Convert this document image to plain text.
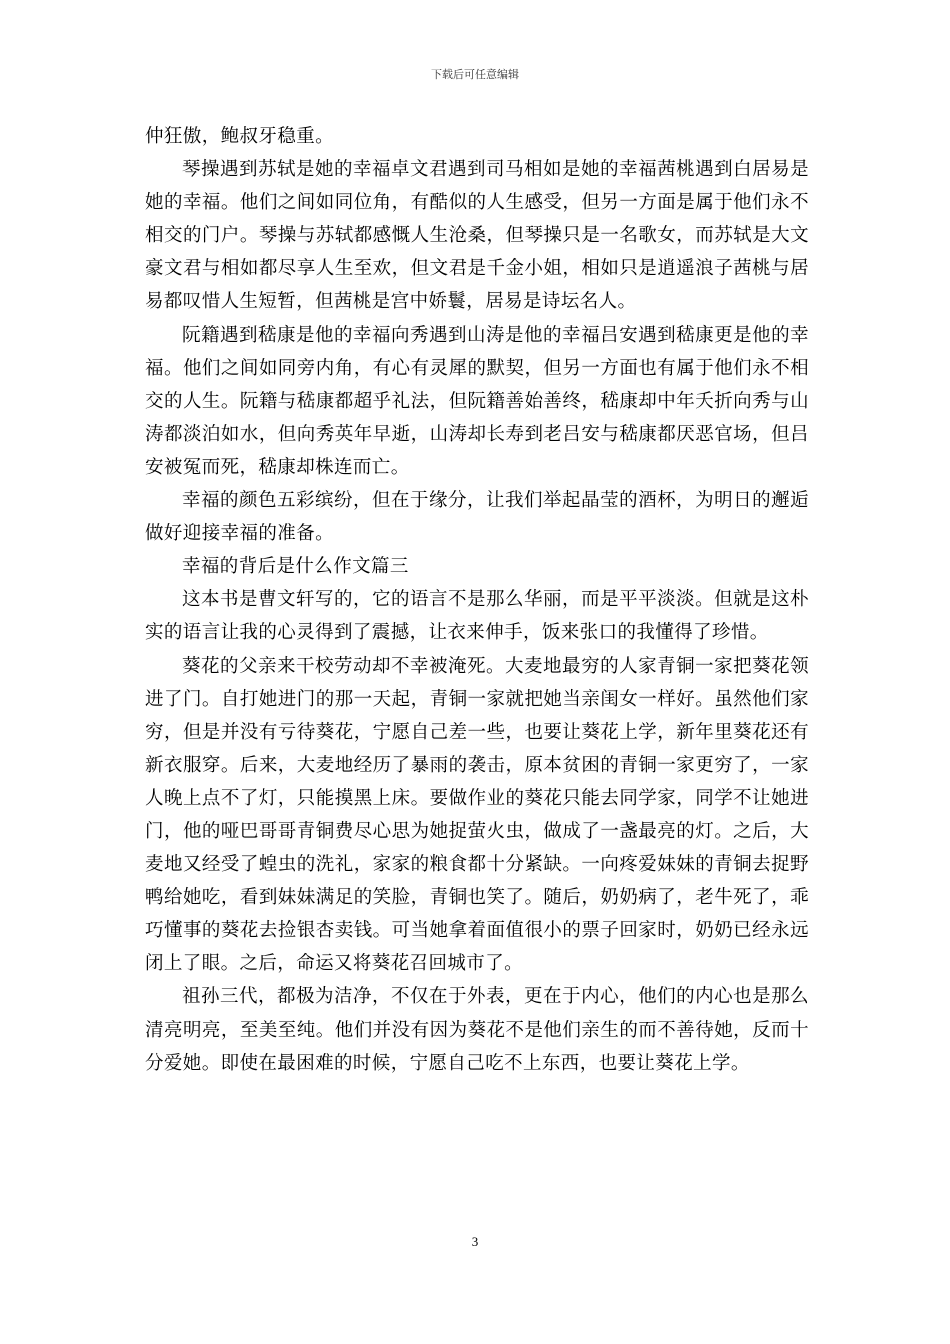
下载后可任意编辑

仲狂傲，鲍叔牙稳重。

琴操遇到苏轼是她的幸福卓文君遇到司马相如是她的幸福茜桃遇到白居易是她的幸福。他们之间如同位角，有酷似的人生感受，但另一方面是属于他们永不相交的门户。琴操与苏轼都感慨人生沧桑，但琴操只是一名歌女，而苏轼是大文豪文君与相如都尽享人生至欢，但文君是千金小姐，相如只是逍遥浪子茜桃与居易都叹惜人生短暂，但茜桃是宫中娇鬟，居易是诗坛名人。

阮籍遇到嵇康是他的幸福向秀遇到山涛是他的幸福吕安遇到嵇康更是他的幸福。他们之间如同旁内角，有心有灵犀的默契，但另一方面也有属于他们永不相交的人生。阮籍与嵇康都超乎礼法，但阮籍善始善终，嵇康却中年夭折向秀与山涛都淡泊如水，但向秀英年早逝，山涛却长寿到老吕安与嵇康都厌恶官场，但吕安被冤而死，嵇康却株连而亡。

幸福的颜色五彩缤纷，但在于缘分，让我们举起晶莹的酒杯，为明日的邂逅做好迎接幸福的准备。

幸福的背后是什么作文篇三

这本书是曹文轩写的，它的语言不是那么华丽，而是平平淡淡。但就是这朴实的语言让我的心灵得到了震撼，让衣来伸手，饭来张口的我懂得了珍惜。

葵花的父亲来干校劳动却不幸被淹死。大麦地最穷的人家青铜一家把葵花领进了门。自打她进门的那一天起，青铜一家就把她当亲闺女一样好。虽然他们家穷，但是并没有亏待葵花，宁愿自己差一些，也要让葵花上学，新年里葵花还有新衣服穿。后来，大麦地经历了暴雨的袭击，原本贫困的青铜一家更穷了，一家人晚上点不了灯，只能摸黑上床。要做作业的葵花只能去同学家，同学不让她进门，他的哑巴哥哥青铜费尽心思为她捉萤火虫，做成了一盏最亮的灯。之后，大麦地又经受了蝗虫的洗礼，家家的粮食都十分紧缺。一向疼爱妹妹的青铜去捉野鸭给她吃，看到妹妹满足的笑脸，青铜也笑了。随后，奶奶病了，老牛死了，乖巧懂事的葵花去捡银杏卖钱。可当她拿着面值很小的票子回家时，奶奶已经永远闭上了眼。之后，命运又将葵花召回城市了。

祖孙三代，都极为洁净，不仅在于外表，更在于内心，他们的内心也是那么清亮明亮，至美至纯。他们并没有因为葵花不是他们亲生的而不善待她，反而十分爱她。即使在最困难的时候，宁愿自己吃不上东西，也要让葵花上学。

3
